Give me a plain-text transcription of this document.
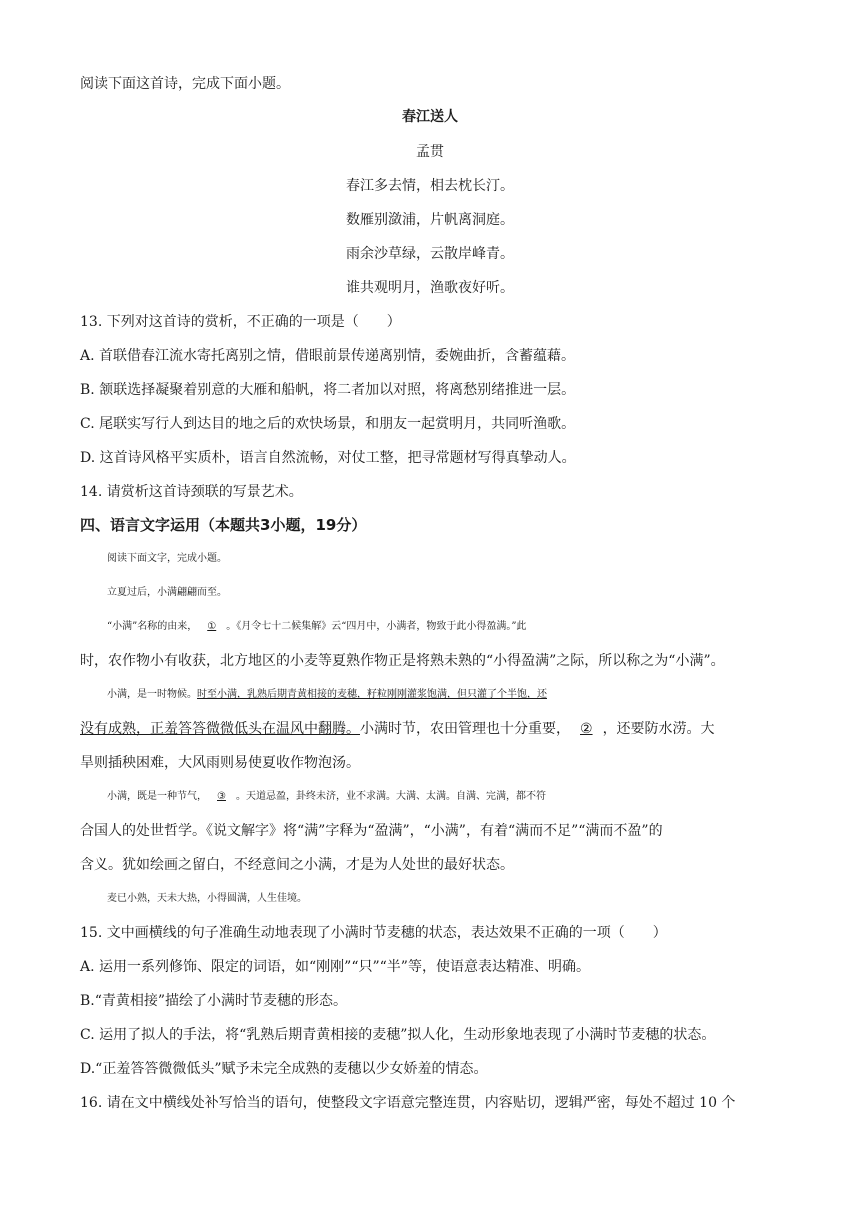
阅读下面这首诗，完成下面小题。
春江送人
孟贯
春江多去情，相去枕长汀。
数雁别潋浦，片帆离洞庭。
雨余沙草绿，云散岸峰青。
谁共观明月，渔歌夜好听。
13. 下列对这首诗的赏析，不正确的一项是（　　）
A. 首联借春江流水寄托离别之情，借眼前景传递离别情，委婉曲折，含蓄蕴藉。
B. 颔联选择凝聚着别意的大雁和船帆，将二者加以对照，将离愁别绪推进一层。
C. 尾联实写行人到达目的地之后的欢快场景，和朋友一起赏明月，共同听渔歌。
D. 这首诗风格平实质朴，语言自然流畅，对仗工整，把寻常题材写得真挚动人。
14. 请赏析这首诗颈联的写景艺术。
四、语言文字运用（本题共3小题，19分）
阅读下面文字，完成小题。
立夏过后，小满翩翩而至。
“小满”名称的由来， ① 。《月令七十二候集解》云“四月中，小满者，物致于此小得盈满。”此
时，农作物小有收获，北方地区的小麦等夏熟作物正是将熟未熟的“小得盈满”之际，所以称之为“小满”。
小满，是一时物候。时至小满，乳熟后期青黄相接的麦穗，籽粒刚刚灌浆饱满，但只灌了个半饱，还
没有成熟，正羞答答微微低头在温风中翻腾。小满时节，农田管理也十分重要， ② ，还要防水涝。大
旱则插秧困难，大风雨则易使夏收作物泡汤。
小满，既是一种节气， ③ 。天道忌盈，卦终未济，业不求满。大满、太满。自满、完满，都不符
合国人的处世哲学。《说文解字》将“满”字释为“盈满”，“小满”，有着“满而不足”“满而不盈”的
含义。犹如绘画之留白，不经意间之小满，才是为人处世的最好状态。
麦已小熟，天未大热，小得圆满，人生佳境。
15. 文中画横线的句子准确生动地表现了小满时节麦穗的状态，表达效果不正确的一项（　　）
A. 运用一系列修饰、限定的词语，如“刚刚”“只”“半”等，使语意表达精准、明确。
B.“青黄相接”描绘了小满时节麦穗的形态。
C. 运用了拟人的手法，将“乳熟后期青黄相接的麦穗”拟人化，生动形象地表现了小满时节麦穗的状态。
D.“正羞答答微微低头”赋予未完全成熟的麦穗以少女娇羞的情态。
16. 请在文中横线处补写恰当的语句，使整段文字语意完整连贯，内容贴切，逻辑严密，每处不超过 10 个
